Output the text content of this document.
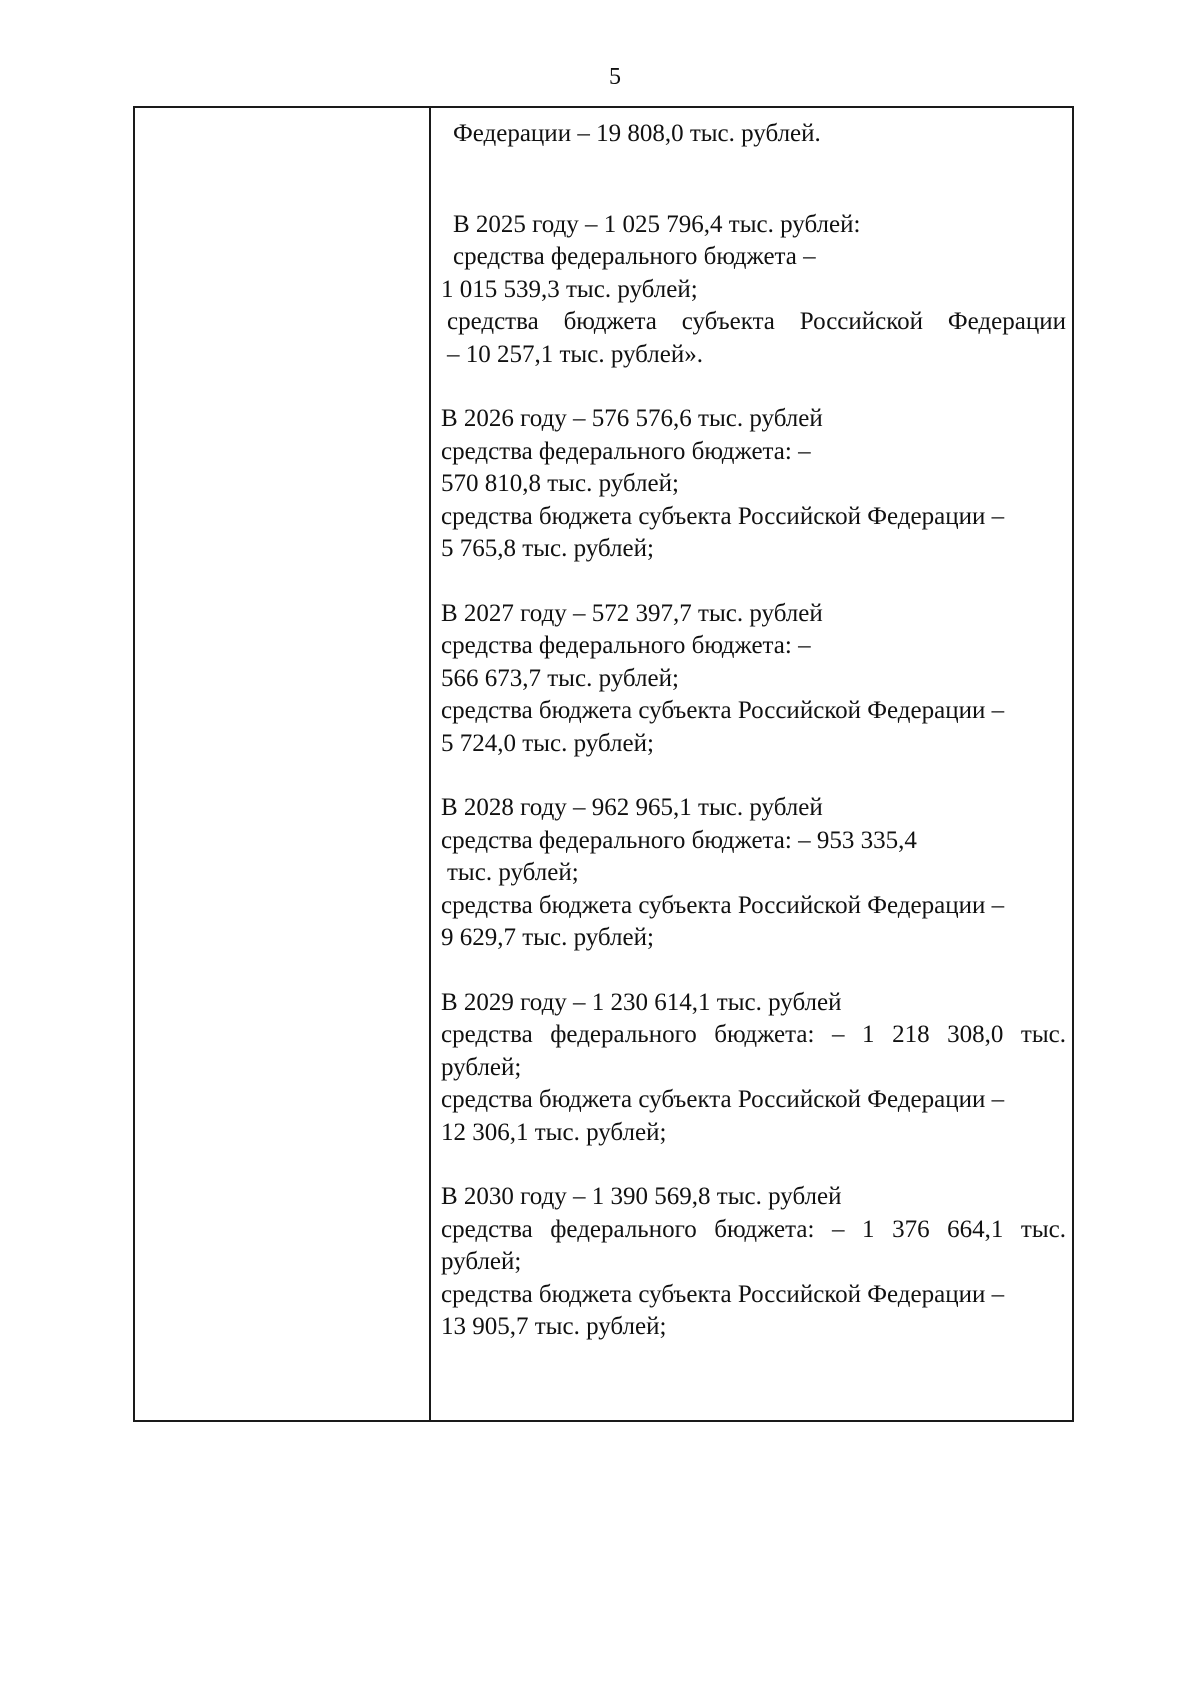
5
Федерации – 19 808,0 тыс. рублей.
В 2025 году – 1 025 796,4 тыс. рублей:
средства федерального бюджета –
1 015 539,3 тыс. рублей;
средства бюджета субъекта Российской Федерации
– 10 257,1 тыс. рублей».
В 2026 году – 576 576,6 тыс. рублей
средства федерального бюджета: –
570 810,8 тыс. рублей;
средства бюджета субъекта Российской Федерации –
5 765,8 тыс. рублей;
В 2027 году – 572 397,7 тыс. рублей
средства федерального бюджета: –
566 673,7 тыс. рублей;
средства бюджета субъекта Российской Федерации –
5 724,0 тыс. рублей;
В 2028 году – 962 965,1 тыс. рублей
средства федерального бюджета: – 953 335,4
тыс. рублей;
средства бюджета субъекта Российской Федерации –
9 629,7 тыс. рублей;
В 2029 году – 1 230 614,1 тыс. рублей
средства федерального бюджета: – 1 218 308,0 тыс.
рублей;
средства бюджета субъекта Российской Федерации –
12 306,1 тыс. рублей;
В 2030 году – 1 390 569,8 тыс. рублей
средства федерального бюджета: – 1 376 664,1 тыс.
рублей;
средства бюджета субъекта Российской Федерации –
13 905,7 тыс. рублей;
